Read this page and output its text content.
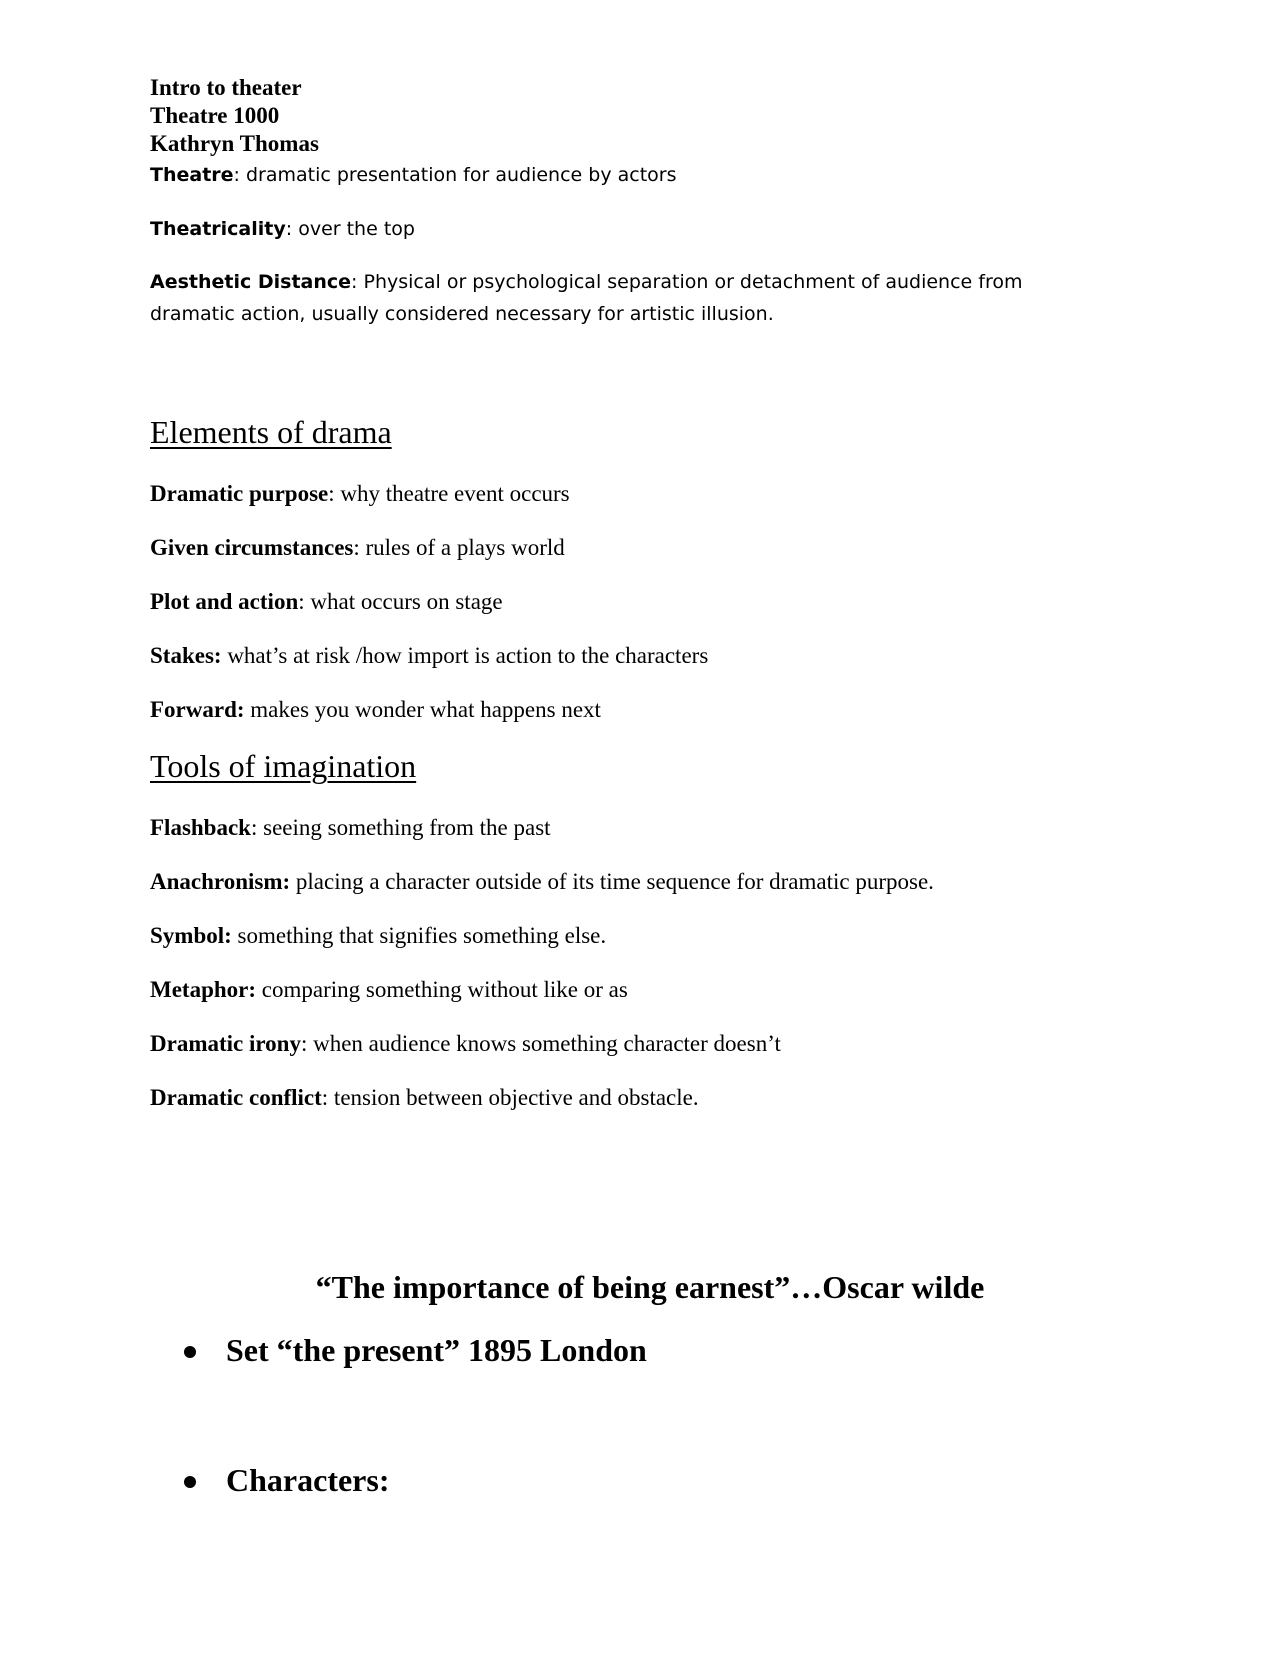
Intro to theater
Theatre 1000
Kathryn Thomas
Theatre: dramatic presentation for audience by actors
Theatricality: over the top
Aesthetic Distance: Physical or psychological separation or detachment of audience from dramatic action, usually considered necessary for artistic illusion.
Elements of drama
Dramatic purpose: why theatre event occurs
Given circumstances: rules of a plays world
Plot and action: what occurs on stage
Stakes: what’s at risk /how import is action to the characters
Forward: makes you wonder what happens next
Tools of imagination
Flashback: seeing something from the past
Anachronism: placing a character outside of its time sequence for dramatic purpose.
Symbol: something that signifies something else.
Metaphor: comparing something without like or as
Dramatic irony: when audience knows something character doesn’t
Dramatic conflict: tension between objective and obstacle.
“The importance of being earnest”…Oscar wilde
Set “the present” 1895 London
Characters:
